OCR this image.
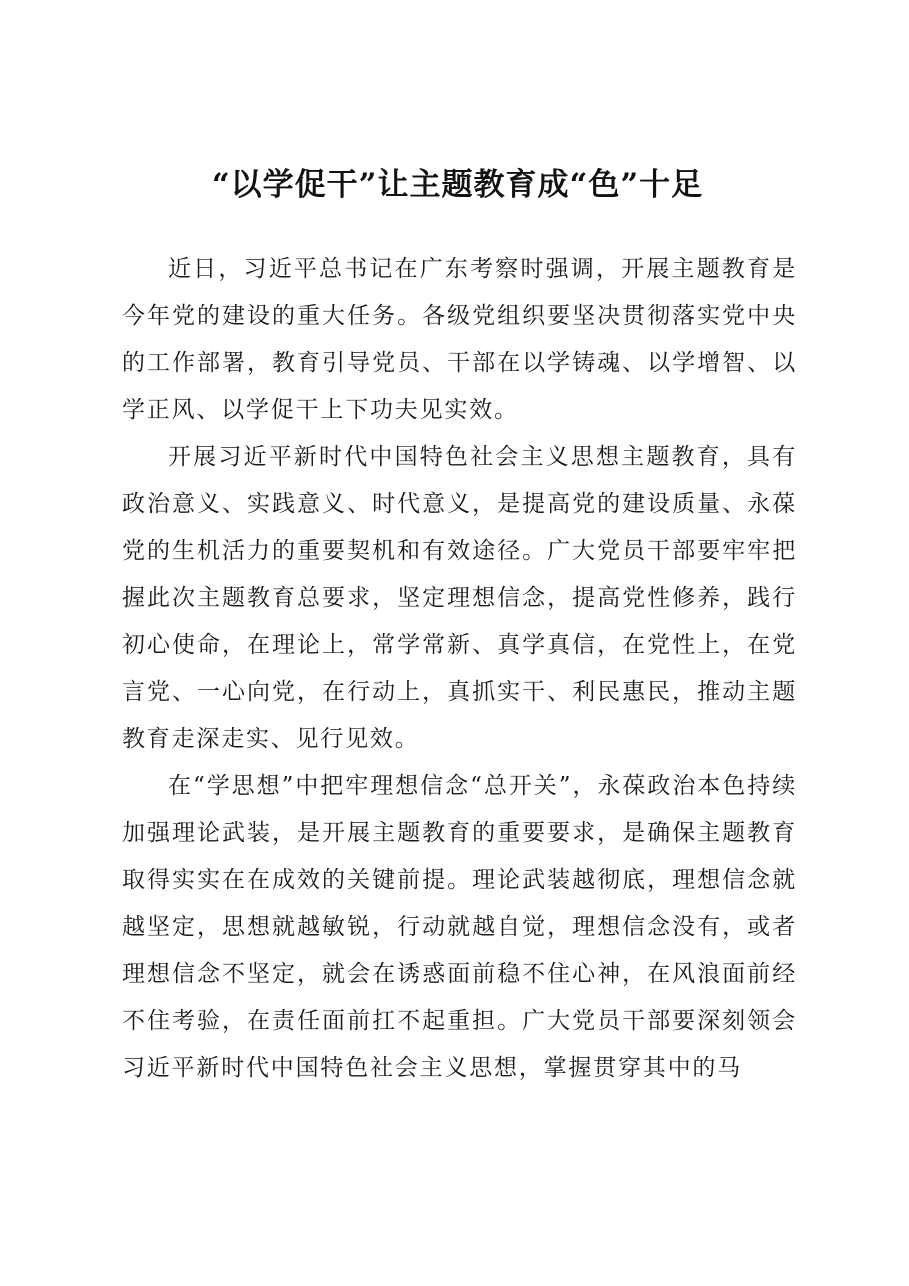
“以学促干”让主题教育成“色”十足

近日，习近平总书记在广东考察时强调，开展主题教育是今年党的建设的重大任务。各级党组织要坚决贯彻落实党中央的工作部署，教育引导党员、干部在以学铸魂、以学增智、以学正风、以学促干上下功夫见实效。

开展习近平新时代中国特色社会主义思想主题教育，具有政治意义、实践意义、时代意义，是提高党的建设质量、永葆党的生机活力的重要契机和有效途径。广大党员干部要牢牢把握此次主题教育总要求，坚定理想信念，提高党性修养，践行初心使命，在理论上，常学常新、真学真信，在党性上，在党言党、一心向党，在行动上，真抓实干、利民惠民，推动主题教育走深走实、见行见效。

在“学思想”中把牢理想信念“总开关”，永葆政治本色持续加强理论武装，是开展主题教育的重要要求，是确保主题教育取得实实在在成效的关键前提。理论武装越彻底，理想信念就越坚定，思想就越敏锐，行动就越自觉，理想信念没有，或者理想信念不坚定，就会在诱惑面前稳不住心神，在风浪面前经不住考验，在责任面前扛不起重担。广大党员干部要深刻领会习近平新时代中国特色社会主义思想，掌握贯穿其中的马
